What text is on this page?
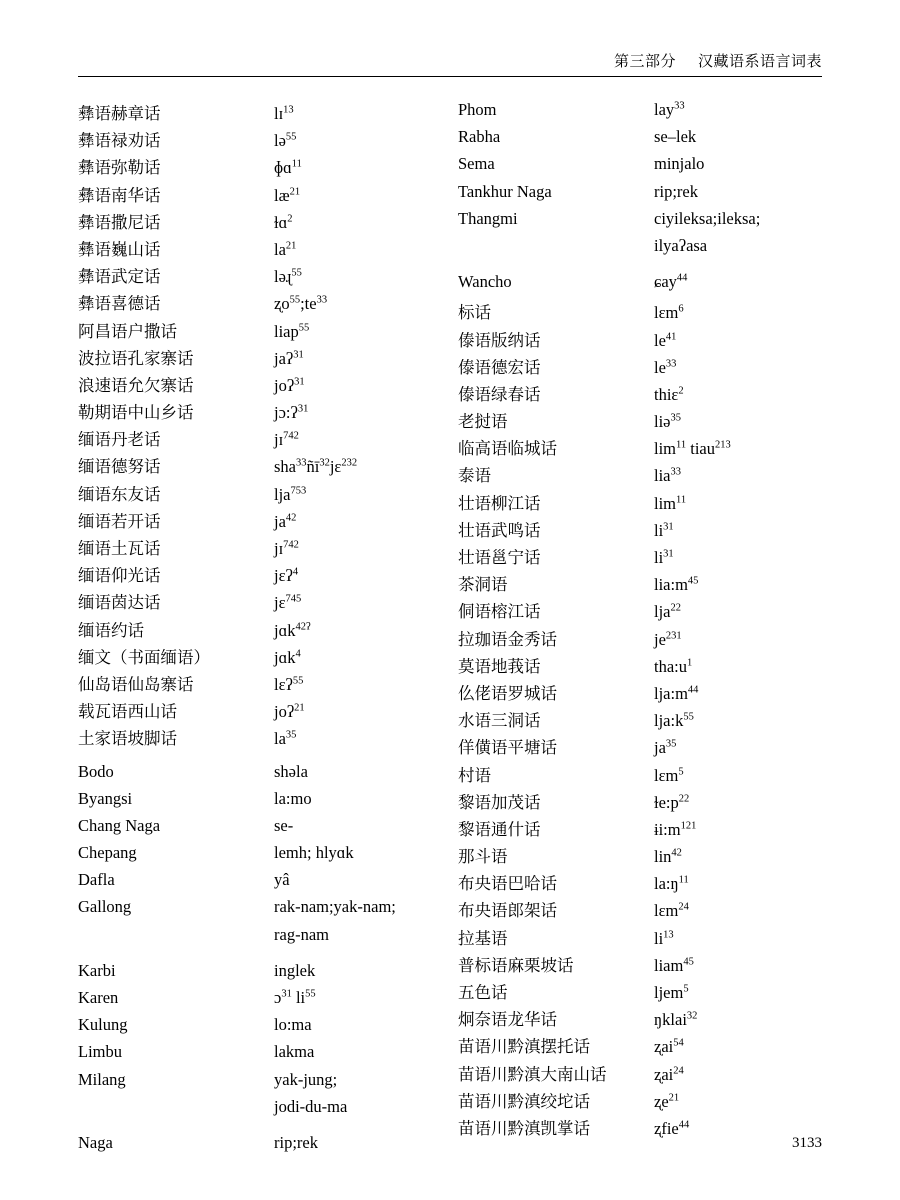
第三部分 汉藏语系语言词表
彝语赫章话	lɪ$^{13}$
彝语禄劝话	lə$^{55}$
彝语弥勒话	ɸɑ$^{11}$
彝语南华话	$læ^{21}$
彝语撒尼话	ɫɑ$^2$
彝语巍山话	$la^{21}$
彝语武定话	ləɻ$^{55}$
彝语喜德话	$ʐo^{55};te^{33}$
阿昌语户撒话	liap$^{55}$
波拉语孔家寨话	jaʔ$^{31}$
浪速语允欠寨话	joʔ$^{31}$
勒期语中山乡话	jɔ:ʔ$^{31}$
缅语丹老话	jɪ$^{742}$
缅语德努话	$sha^{33}ñī^{32}jɛ^{232}$
缅语东友话	lja$^{753}$
缅语若开话	$ja^{42}$
缅语土瓦话	jɪ$^{742}$
缅语仰光话	jɛʔ$^4$
缅语茵达话	jɛ$^{745}$
缅语约话	jɑk$^{42ʔ}$
缅文（书面缅语）	jɑk$^4$
仙岛语仙岛寨话	lɛʔ$^{55}$
载瓦语西山话	joʔ$^{21}$
土家语坡脚话	$la^{35}$
Bodo	shəla
Byangsi	la:mo
Chang Naga	se-
Chepang	lemh; hlyɑk
Dafla	yâ
Gallong	rak-nam;yak-nam;
rag-nam
Karbi	inglek
Karen	ɔ$^{31}$ $li^{55}$
Kulung	lo:ma
Limbu	lakma
Milang	yak-jung;
jodi-du-ma
Naga	rip;rek
Phom	lay$^{33}$
Rabha	se–lek
Sema	minjalo
Tankhur Naga	rip;rek
Thangmi	ciyileksa;ileksa;
ilyaʔasa
Wancho	ɕay$^{44}$
标话	lɛm$^6$
傣语版纳话	$le^{41}$
傣语德宏话	$le^{33}$
傣语绿春话	thiɛ$^2$
老挝语	liə$^{35}$
临高语临城话	$\lim^{11}$ tiau$^{213}$
泰语	lia$^{33}$
壮语柳江话	$\lim^{11}$
壮语武鸣话	$li^{31}$
壮语邕宁话	$li^{31}$
茶洞语	$lia:m^{45}$
侗语榕江话	lja$^{22}$
拉珈语金秀话	$je^{231}$
莫语地莪话	$tha:u^1$
仫佬语罗城话	$lja:m^{44}$
水语三洞话	$lja:k^{55}$
佯僙语平塘话	$ja^{35}$
村语	lɛm$^5$
黎语加茂话	$ɫe:p^{22}$
黎语通什话	$ɨi:m^{121}$
那斗语	lin$^{42}$
布央语巴哈话	$la:ŋ^{11}$
布央语郎架话	lɛm$^{24}$
拉基语	$li^{13}$
普标语麻栗坡话	liam$^{45}$
五色话	ljem$^5$
炯奈语龙华话	ŋklai$^{32}$
苗语川黔滇摆托话	ʐai$^{54}$
苗语川黔滇大南山话	ʐai$^{24}$
苗语川黔滇绞坨话	ʐe$^{21}$
苗语川黔滇凯掌话	ʐfie$^{44}$
3133
